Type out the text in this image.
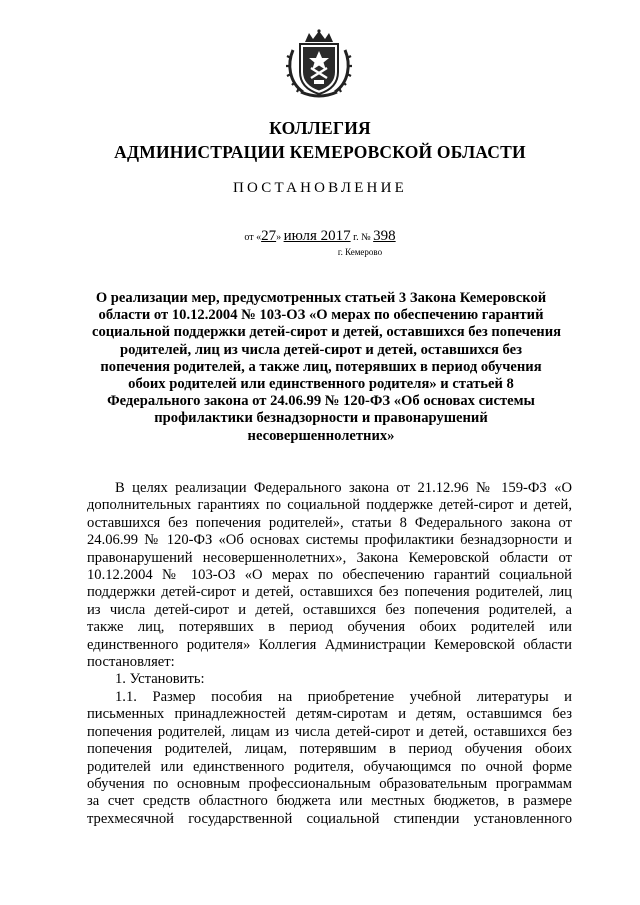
КОЛЛЕГИЯ
АДМИНИСТРАЦИИ КЕМЕРОВСКОЙ ОБЛАСТИ
ПОСТАНОВЛЕНИЕ
от «27» июля 2017 г. № 398
г. Кемерово
О реализации мер, предусмотренных статьей 3 Закона Кемеровской
области от 10.12.2004 № 103-ОЗ «О мерах по обеспечению гарантий
социальной поддержки детей-сирот и детей, оставшихся без попечения
родителей, лиц из числа детей-сирот и детей, оставшихся без
попечения родителей, а также лиц, потерявших в период обучения
обоих родителей или единственного родителя» и статьей 8
Федерального закона от 24.06.99 № 120-ФЗ «Об основах системы
профилактики безнадзорности и правонарушений
несовершеннолетних»
В целях реализации Федерального закона от 21.12.96 № 159-ФЗ «О
дополнительных гарантиях по социальной поддержке детей-сирот и детей,
оставшихся без попечения родителей», статьи 8 Федерального закона от
24.06.99 № 120-ФЗ «Об основах системы профилактики безнадзорности и
правонарушений несовершеннолетних», Закона Кемеровской области от
10.12.2004 № 103-ОЗ «О мерах по обеспечению гарантий социальной
поддержки детей-сирот и детей, оставшихся без попечения родителей, лиц
из числа детей-сирот и детей, оставшихся без попечения родителей, а
также лиц, потерявших в период обучения обоих родителей или
единственного родителя» Коллегия Администрации Кемеровской области
постановляет:
1. Установить:
1.1. Размер пособия на приобретение учебной литературы и
письменных принадлежностей детям-сиротам и детям, оставшимся без
попечения родителей, лицам из числа детей-сирот и детей, оставшихся без
попечения родителей, лицам, потерявшим в период обучения обоих
родителей или единственного родителя, обучающимся по очной форме
обучения по основным профессиональным образовательным программам
за счет средств областного бюджета или местных бюджетов, в размере
трехмесячной государственной социальной стипендии установленного
